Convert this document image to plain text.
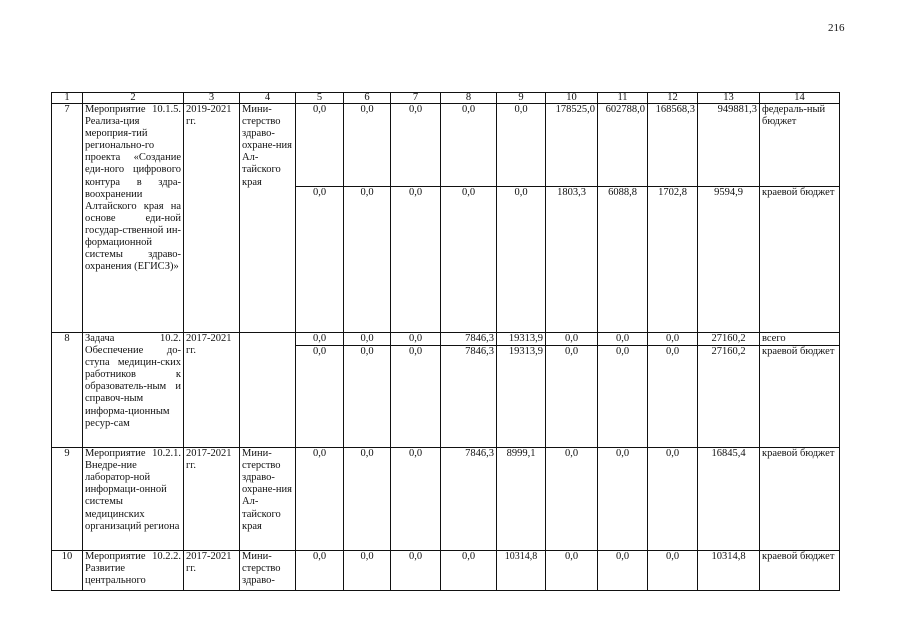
216
1	2	3	4	5	6	7	8	9	10	11	12	13	14
7	Мероприятие 10.1.5. Реализа-ция мероприя-тий регионально-го проекта «Создание еди-ного цифрового контура в здра-воохранении Алтайского края на основе еди-ной государ-ственной ин-формационной системы здраво-охранения (ЕГИСЗ)»	2019-2021 гг.	Мини-стерство здраво-охране-ния Ал-тайского края	0,0	0,0	0,0	0,0	0,0	178525,0	602788,0	168568,3	949881,3	федераль-ный бюджет
				0,0	0,0	0,0	0,0	0,0	1803,3	6088,8	1702,8	9594,9	краевой бюджет
8	Задача 10.2. Обеспечение до-ступа медицин-ских работников к образователь-ным и справоч-ным информа-ционным ресур-сам	2017-2021 гг.		0,0	0,0	0,0	7846,3	19313,9	0,0	0,0	0,0	27160,2	всего
				0,0	0,0	0,0	7846,3	19313,9	0,0	0,0	0,0	27160,2	краевой бюджет
9	Мероприятие 10.2.1. Внедре-ние лаборатор-ной информаци-онной системы медицинских организаций региона	2017-2021 гг.	Мини-стерство здраво-охране-ния Ал-тайского края	0,0	0,0	0,0	7846,3	8999,1	0,0	0,0	0,0	16845,4	краевой бюджет
10	Мероприятие 10.2.2. Развитие центрального	2017-2021 гг.	Мини-стерство здраво-	0,0	0,0	0,0	0,0	10314,8	0,0	0,0	0,0	10314,8	краевой бюджет
